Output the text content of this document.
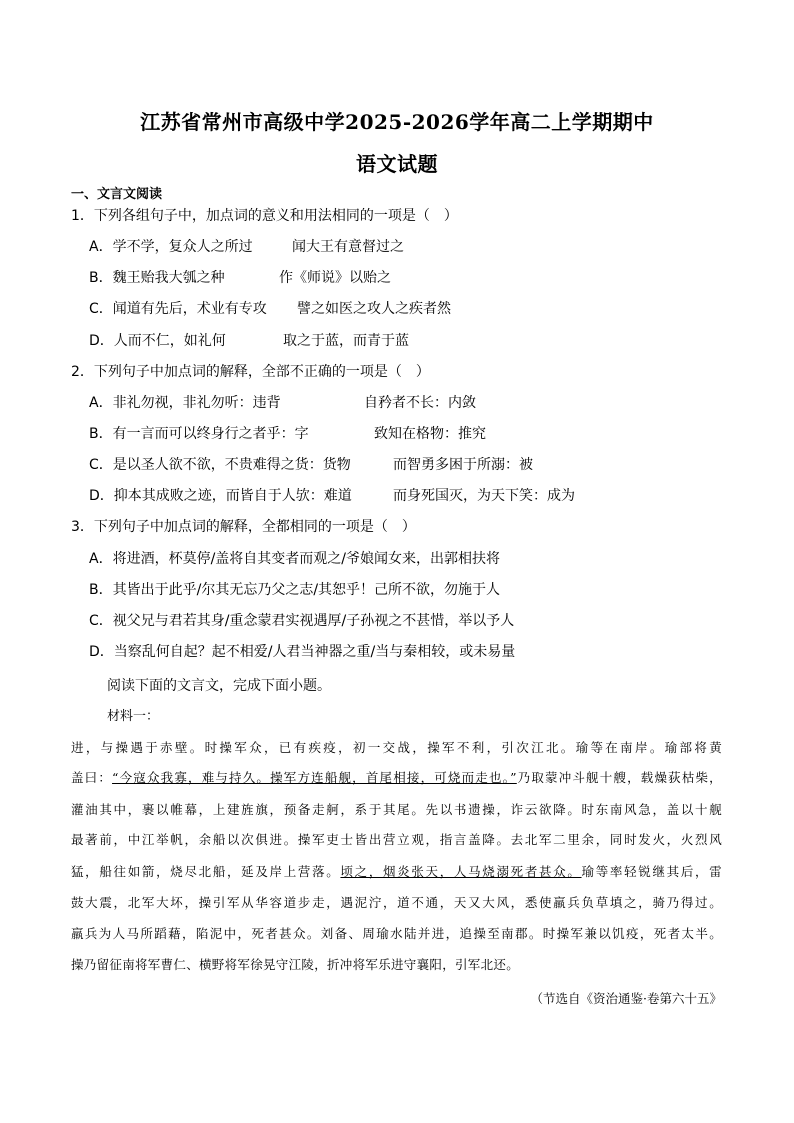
江苏省常州市高级中学2025-2026学年高二上学期期中
语文试题
一、文言文阅读
1．下列各组句子中，加点词的意义和用法相同的一项是（　）
A．学不学，复众人之所过	闻大王有意督过之
B．魏王贻我大瓠之种	作《师说》以贻之
C．闻道有先后，术业有专攻 譬之如医之攻人之疾者然
D．人而不仁，如礼何	取之于蓝，而青于蓝
2．下列句子中加点词的解释，全部不正确的一项是（　）
A．非礼勿视，非礼勿听：违背	自矜者不长：内敛
B．有一言而可以终身行之者乎：字	致知在格物：推究
C．是以圣人欲不欲，不贵难得之货：货物	而智勇多困于所溺：被
D．抑本其成败之迹，而皆自于人欤：难道	而身死国灭，为天下笑：成为
3．下列句子中加点词的解释，全都相同的一项是（　）
A．将进酒，杯莫停/盖将自其变者而观之/爷娘闻女来，出郭相扶将
B．其皆出于此乎/尔其无忘乃父之志/其恕乎！己所不欲，勿施于人
C．视父兄与君若其身/重念蒙君实视遇厚/子孙视之不甚惜，举以予人
D．当察乱何自起？起不相爱/人君当神器之重/当与秦相较，或未易量
阅读下面的文言文，完成下面小题。
材料一：
进，与操遇于赤壁。时操军众，已有疾疫，初一交战，操军不利，引次江北。瑜等在南岸。瑜部将黄
盖曰：“今寇众我寡，难与持久。操军方连船舰，首尾相接，可烧而走也。”乃取蒙冲斗舰十艘，载燥荻枯柴，
灌油其中，裹以帷幕，上建旌旗，预备走舸，系于其尾。先以书遗操，诈云欲降。时东南风急，盖以十舰
最著前，中江举帆，余船以次俱进。操军吏士皆出营立观，指言盖降。去北军二里余，同时发火，火烈风
猛，船往如箭，烧尽北船，延及岸上营落。顷之，烟炎张天，人马烧溺死者甚众。瑜等率轻锐继其后，雷
鼓大震，北军大坏，操引军从华容道步走，遇泥泞，道不通，天又大风，悉使羸兵负草填之，骑乃得过。
羸兵为人马所蹈藉，陷泥中，死者甚众。刘备、周瑜水陆并进，追操至南郡。时操军兼以饥疫，死者太半。
操乃留征南将军曹仁、横野将军徐晃守江陵，折冲将军乐进守襄阳，引军北还。
（节选自《资治通鉴·卷第六十五》
